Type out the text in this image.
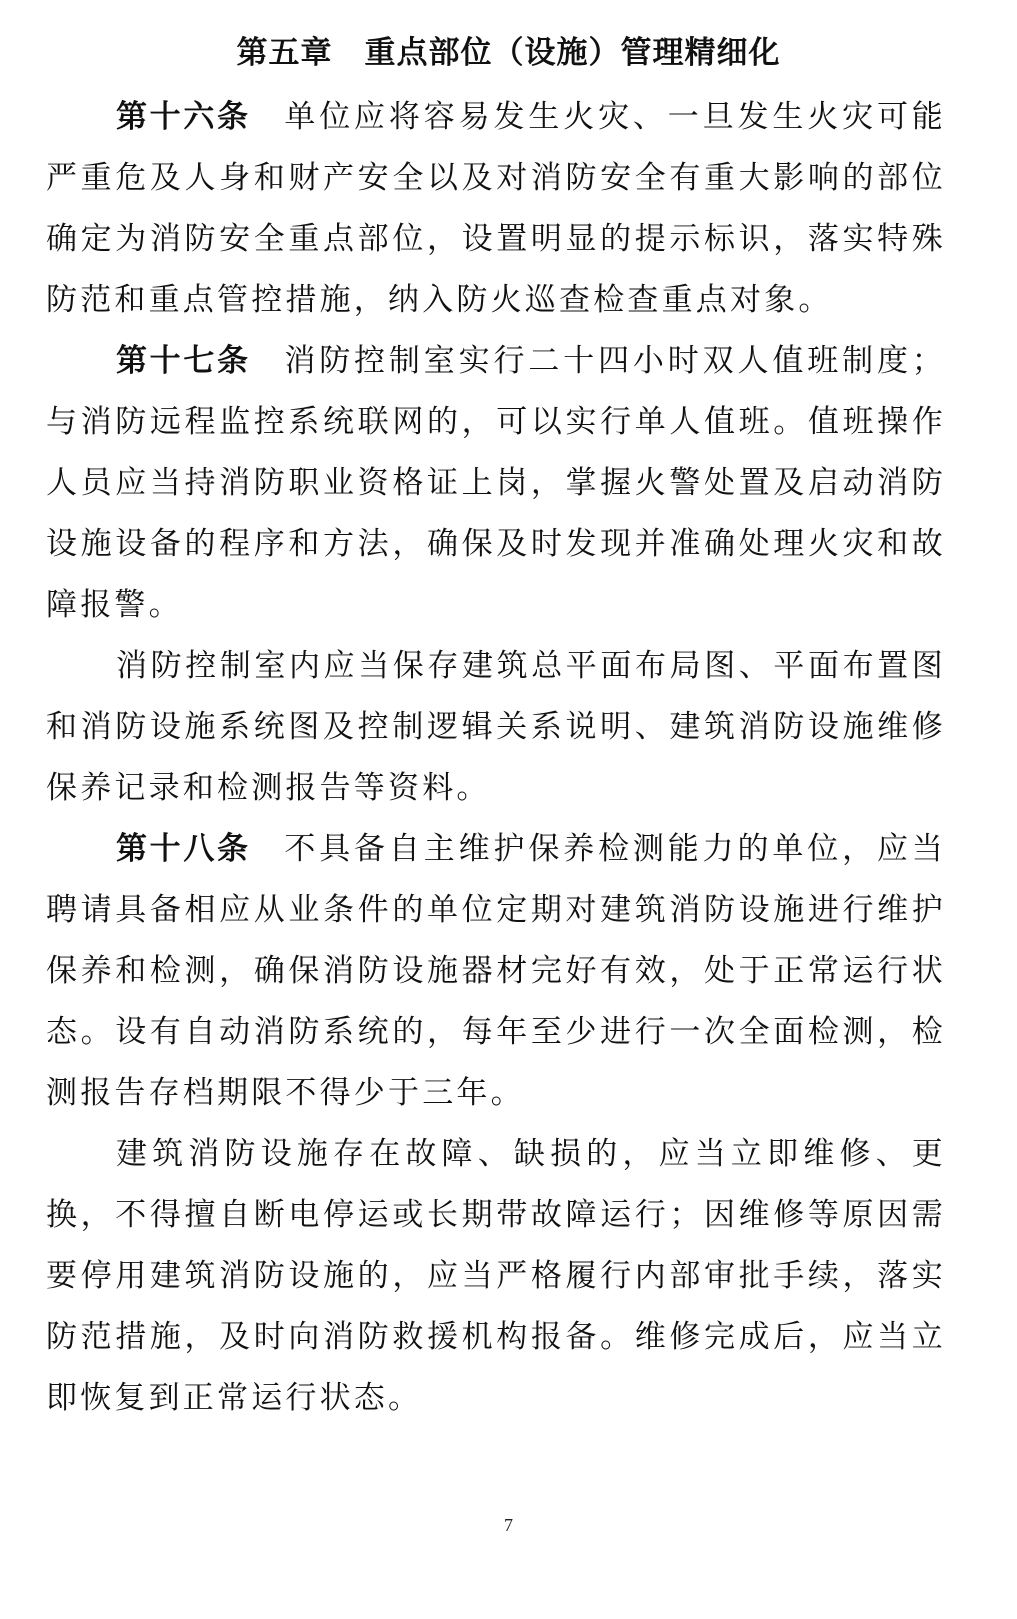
第五章　重点部位（设施）管理精细化

第十六条 单位应将容易发生火灾、一旦发生火灾可能严重危及人身和财产安全以及对消防安全有重大影响的部位确定为消防安全重点部位，设置明显的提示标识，落实特殊防范和重点管控措施，纳入防火巡查检查重点对象。

第十七条 消防控制室实行二十四小时双人值班制度；与消防远程监控系统联网的，可以实行单人值班。值班操作人员应当持消防职业资格证上岗，掌握火警处置及启动消防设施设备的程序和方法，确保及时发现并准确处理火灾和故障报警。

消防控制室内应当保存建筑总平面布局图、平面布置图和消防设施系统图及控制逻辑关系说明、建筑消防设施维修保养记录和检测报告等资料。

第十八条 不具备自主维护保养检测能力的单位，应当聘请具备相应从业条件的单位定期对建筑消防设施进行维护保养和检测，确保消防设施器材完好有效，处于正常运行状态。设有自动消防系统的，每年至少进行一次全面检测，检测报告存档期限不得少于三年。

建筑消防设施存在故障、缺损的，应当立即维修、更换，不得擅自断电停运或长期带故障运行；因维修等原因需要停用建筑消防设施的，应当严格履行内部审批手续，落实防范措施，及时向消防救援机构报备。维修完成后，应当立即恢复到正常运行状态。

7
